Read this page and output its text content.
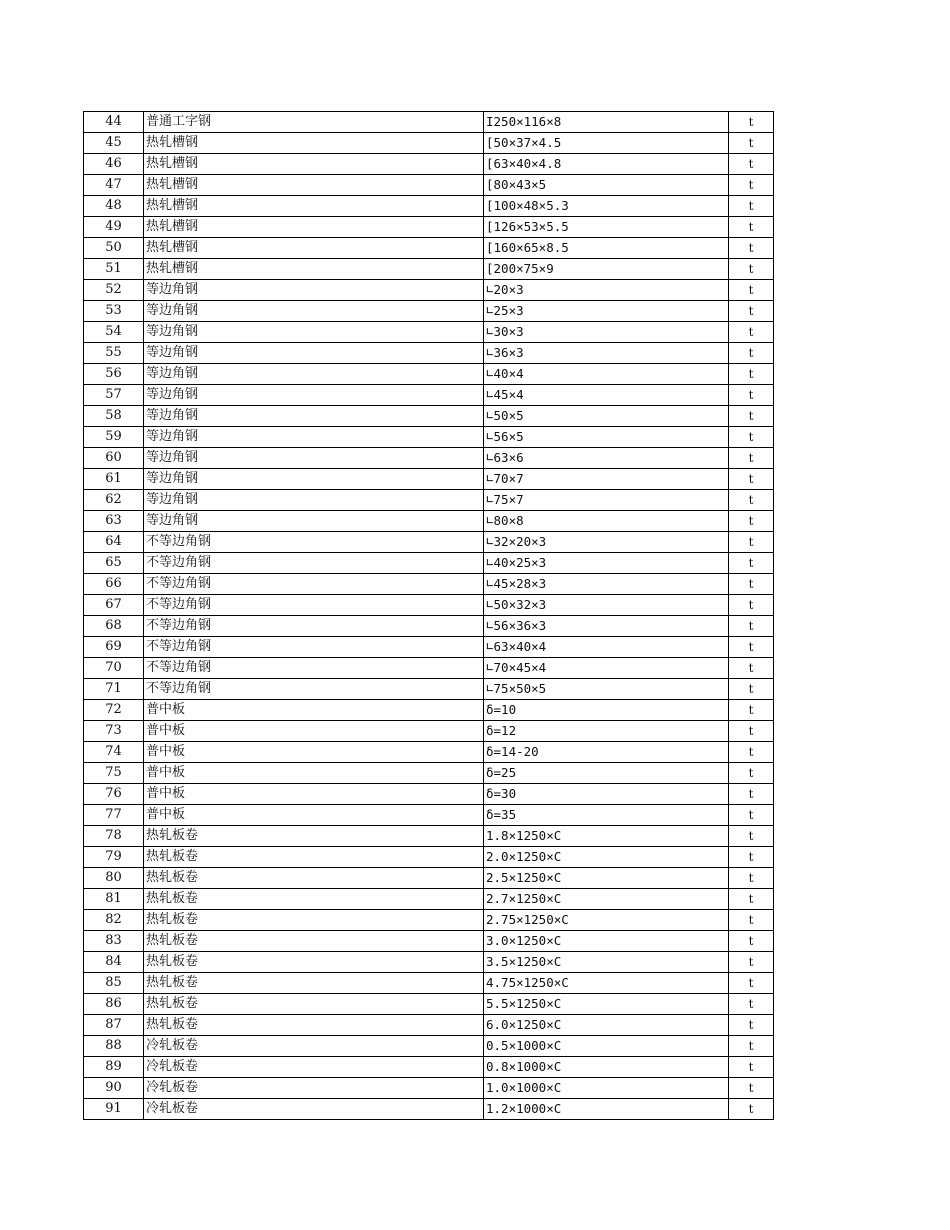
44	普通工字钢	I250×116×8	t
45	热轧槽钢	[50×37×4.5	t
46	热轧槽钢	[63×40×4.8	t
47	热轧槽钢	[80×43×5	t
48	热轧槽钢	[100×48×5.3	t
49	热轧槽钢	[126×53×5.5	t
50	热轧槽钢	[160×65×8.5	t
51	热轧槽钢	[200×75×9	t
52	等边角钢	∟20×3	t
53	等边角钢	∟25×3	t
54	等边角钢	∟30×3	t
55	等边角钢	∟36×3	t
56	等边角钢	∟40×4	t
57	等边角钢	∟45×4	t
58	等边角钢	∟50×5	t
59	等边角钢	∟56×5	t
60	等边角钢	∟63×6	t
61	等边角钢	∟70×7	t
62	等边角钢	∟75×7	t
63	等边角钢	∟80×8	t
64	不等边角钢	∟32×20×3	t
65	不等边角钢	∟40×25×3	t
66	不等边角钢	∟45×28×3	t
67	不等边角钢	∟50×32×3	t
68	不等边角钢	∟56×36×3	t
69	不等边角钢	∟63×40×4	t
70	不等边角钢	∟70×45×4	t
71	不等边角钢	∟75×50×5	t
72	普中板	δ=10	t
73	普中板	δ=12	t
74	普中板	δ=14-20	t
75	普中板	δ=25	t
76	普中板	δ=30	t
77	普中板	δ=35	t
78	热轧板卷	1.8×1250×C	t
79	热轧板卷	2.0×1250×C	t
80	热轧板卷	2.5×1250×C	t
81	热轧板卷	2.7×1250×C	t
82	热轧板卷	2.75×1250×C	t
83	热轧板卷	3.0×1250×C	t
84	热轧板卷	3.5×1250×C	t
85	热轧板卷	4.75×1250×C	t
86	热轧板卷	5.5×1250×C	t
87	热轧板卷	6.0×1250×C	t
88	冷轧板卷	0.5×1000×C	t
89	冷轧板卷	0.8×1000×C	t
90	冷轧板卷	1.0×1000×C	t
91	冷轧板卷	1.2×1000×C	t
